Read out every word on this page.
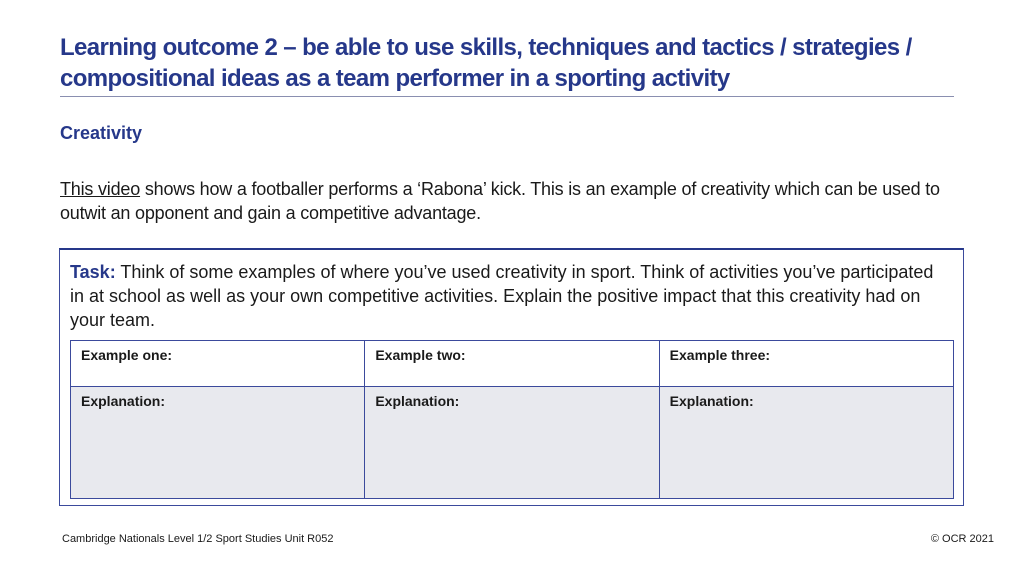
Learning outcome 2 – be able to use skills, techniques and tactics / strategies / compositional ideas as a team performer in a sporting activity
Creativity

This video shows how a footballer performs a ‘Rabona’ kick. This is an example of creativity which can be used to outwit an opponent and gain a competitive advantage.

Task: Think of some examples of where you’ve used creativity in sport. Think of activities you’ve participated in at school as well as your own competitive activities. Explain the positive impact that this creativity had on your team.

Example one:	Example two:	Example three:
Explanation:	Explanation:	Explanation:
Cambridge Nationals Level 1/2 Sport Studies Unit R052	© OCR 2021
